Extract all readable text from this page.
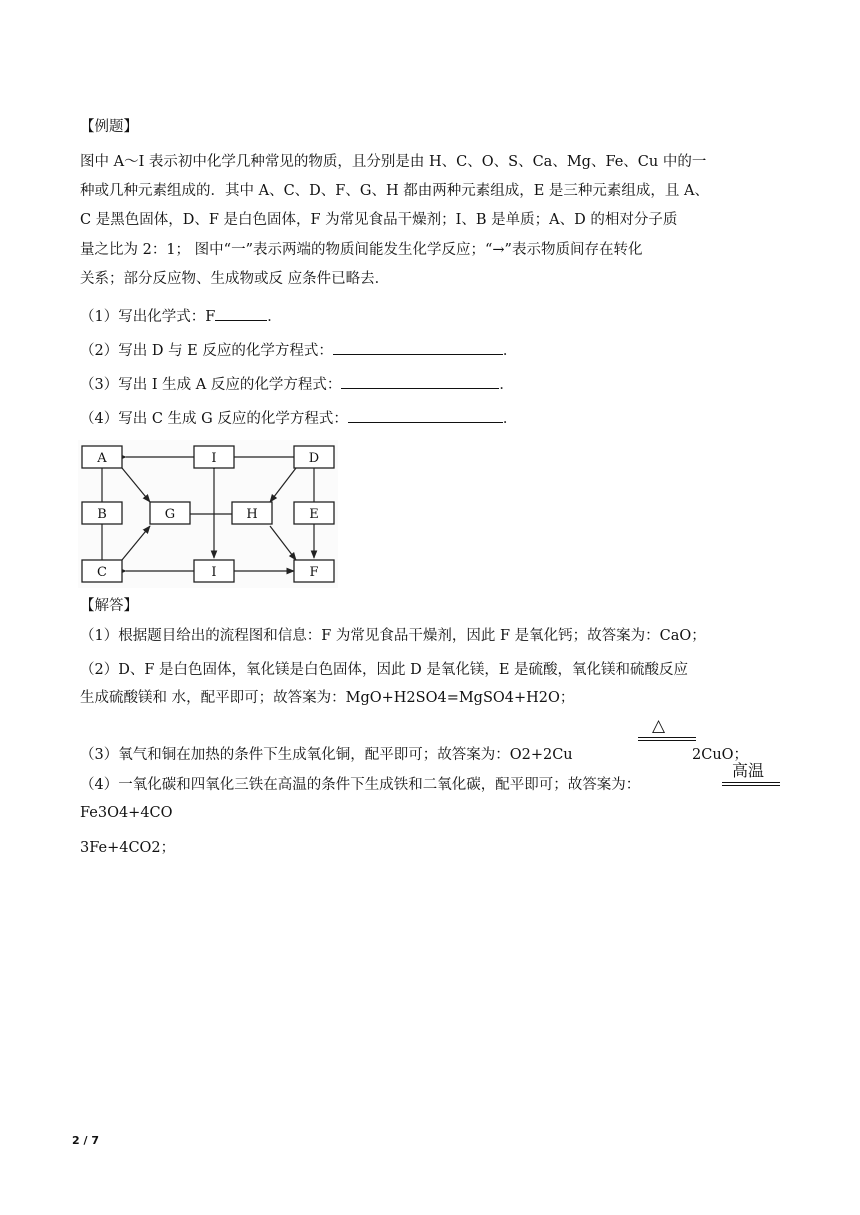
【例题】
图中 A～I 表示初中化学几种常见的物质，且分别是由 H、C、O、S、Ca、Mg、Fe、Cu 中的一
种或几种元素组成的．其中 A、C、D、F、G、H 都由两种元素组成，E 是三种元素组成，且 A、
C 是黑色固体，D、F 是白色固体，F 为常见食品干燥剂；I、B 是单质；A、D 的相对分子质
量之比为 2：1； 图中“一”表示两端的物质间能发生化学反应；“→”表示物质间存在转化
关系；部分反应物、生成物或反 应条件已略去．
（1）写出化学式：F	．
（2）写出 D 与 E 反应的化学方程式：	．
（3）写出 I 生成 A 反应的化学方程式：	．
（4）写出 C 生成 G 反应的化学方程式：	．
A	I	D
B	G	H	E
C	I	F
【解答】
（1）根据题目给出的流程图和信息：F 为常见食品干燥剂，因此 F 是氧化钙；故答案为：CaO；
（2）D、F 是白色固体，氧化镁是白色固体，因此 D 是氧化镁，E 是硫酸，氧化镁和硫酸反应
生成硫酸镁和 水，配平即可；故答案为：MgO+H2SO4=MgSO4+H2O；
（3）氧气和铜在加热的条件下生成氧化铜，配平即可；故答案为：O2+2Cu
△
2CuO；
（4）一氧化碳和四氧化三铁在高温的条件下生成铁和二氧化碳，配平即可；故答案为：
高温
Fe3O4+4CO
3Fe+4CO2；
2 / 7
